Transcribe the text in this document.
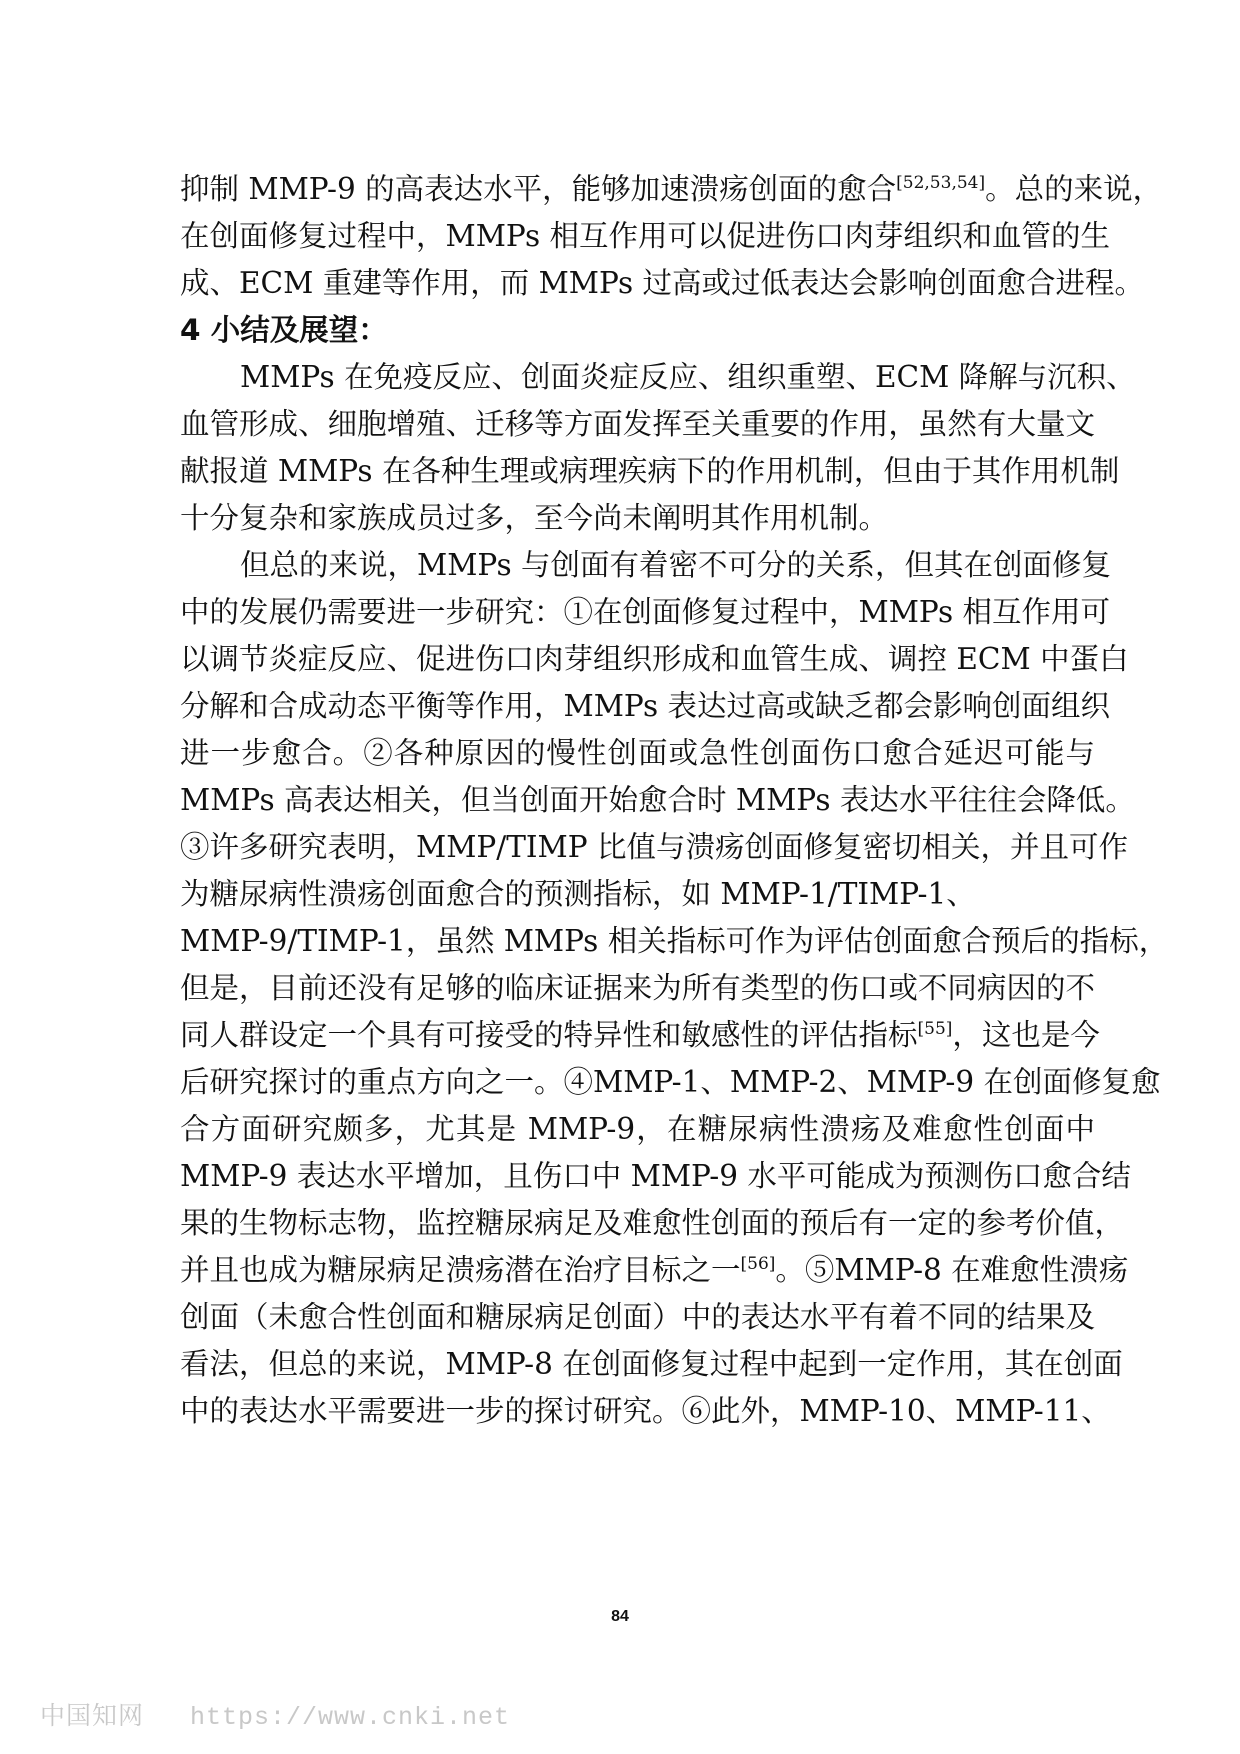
抑制 MMP-9 的高表达水平，能够加速溃疡创面的愈合[52,53,54]。总的来说，
在创面修复过程中，MMPs 相互作用可以促进伤口肉芽组织和血管的生
成、ECM 重建等作用，而 MMPs 过高或过低表达会影响创面愈合进程。
4 小结及展望：
MMPs 在免疫反应、创面炎症反应、组织重塑、ECM 降解与沉积、
血管形成、细胞增殖、迁移等方面发挥至关重要的作用，虽然有大量文
献报道 MMPs 在各种生理或病理疾病下的作用机制，但由于其作用机制
十分复杂和家族成员过多，至今尚未阐明其作用机制。
但总的来说，MMPs 与创面有着密不可分的关系，但其在创面修复
中的发展仍需要进一步研究：①在创面修复过程中，MMPs 相互作用可
以调节炎症反应、促进伤口肉芽组织形成和血管生成、调控 ECM 中蛋白
分解和合成动态平衡等作用，MMPs 表达过高或缺乏都会影响创面组织
进一步愈合。②各种原因的慢性创面或急性创面伤口愈合延迟可能与
MMPs 高表达相关，但当创面开始愈合时 MMPs 表达水平往往会降低。
③许多研究表明，MMP/TIMP 比值与溃疡创面修复密切相关，并且可作
为糖尿病性溃疡创面愈合的预测指标，如 MMP-1/TIMP-1、
MMP-9/TIMP-1，虽然 MMPs 相关指标可作为评估创面愈合预后的指标，
但是，目前还没有足够的临床证据来为所有类型的伤口或不同病因的不
同人群设定一个具有可接受的特异性和敏感性的评估指标[55]，这也是今
后研究探讨的重点方向之一。④MMP-1、MMP-2、MMP-9 在创面修复愈
合方面研究颇多，尤其是 MMP-9，在糖尿病性溃疡及难愈性创面中
MMP-9 表达水平增加，且伤口中 MMP-9 水平可能成为预测伤口愈合结
果的生物标志物，监控糖尿病足及难愈性创面的预后有一定的参考价值，
并且也成为糖尿病足溃疡潜在治疗目标之一[56]。⑤MMP-8 在难愈性溃疡
创面（未愈合性创面和糖尿病足创面）中的表达水平有着不同的结果及
看法，但总的来说，MMP-8 在创面修复过程中起到一定作用，其在创面
中的表达水平需要进一步的探讨研究。⑥此外，MMP-10、MMP-11、
84
中国知网 https://www.cnki.net
